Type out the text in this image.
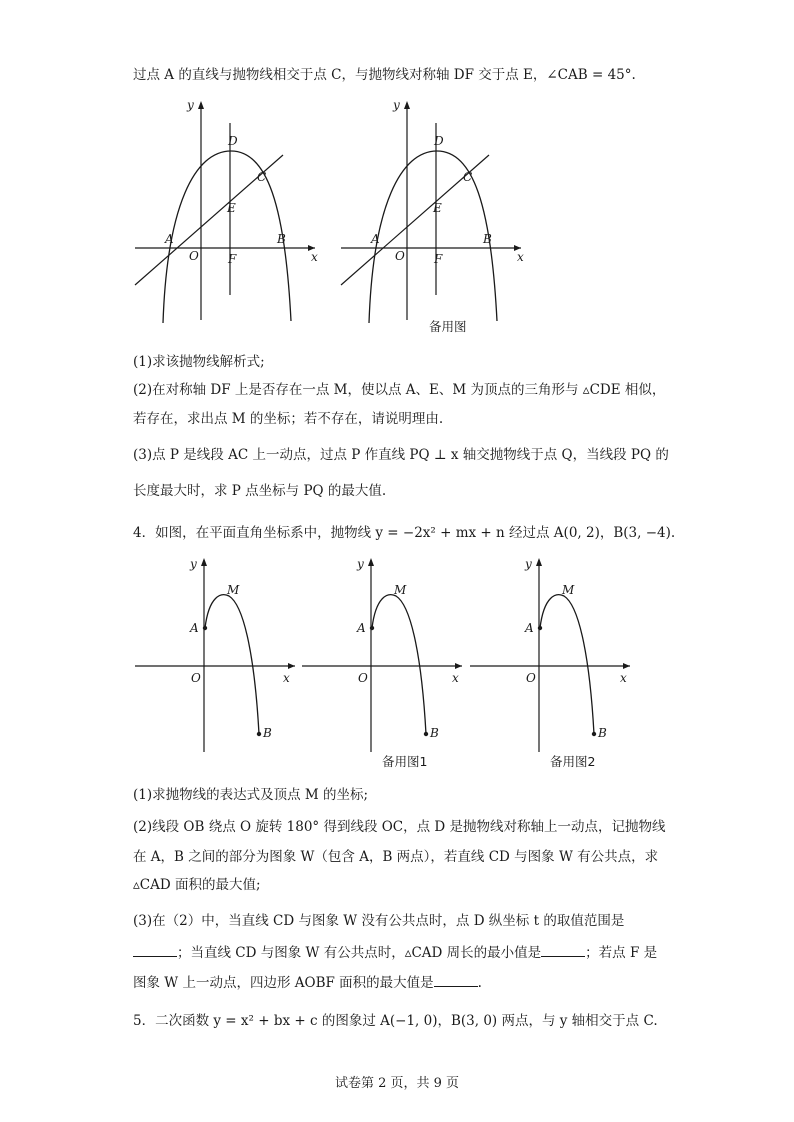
过点 A 的直线与抛物线相交于点 C，与抛物线对称轴 DF 交于点 E，∠CAB = 45°.
y
x
D
C
E
A
O F
B
y
x
D
C
E
A
O F
B
备用图
(1)求该抛物线解析式;
(2)在对称轴 DF 上是否存在一点 M，使以点 A、E、M 为顶点的三角形与 ▵CDE 相似，
若存在，求出点 M 的坐标；若不存在，请说明理由.
(3)点 P 是线段 AC 上一动点，过点 P 作直线 PQ ⊥ x 轴交抛物线于点 Q，当线段 PQ 的
长度最大时，求 P 点坐标与 PQ 的最大值.
4．如图，在平面直角坐标系中，抛物线 y = −2x² + mx + n 经过点 A(0, 2)，B(3, −4).
y
x
M
A
O
B
y
x
M
A
O
B
备用图1
y
x
M
A
O
B
备用图2
(1)求抛物线的表达式及顶点 M 的坐标;
(2)线段 OB 绕点 O 旋转 180° 得到线段 OC，点 D 是抛物线对称轴上一动点，记抛物线
在 A，B 之间的部分为图象 W（包含 A，B 两点），若直线 CD 与图象 W 有公共点，求
▵CAD 面积的最大值;
(3)在（2）中，当直线 CD 与图象 W 没有公共点时，点 D 纵坐标 t 的取值范围是
；当直线 CD 与图象 W 有公共点时，▵CAD 周长的最小值是	；若点 F 是
图象 W 上一动点，四边形 AOBF 面积的最大值是	.
5．二次函数 y = x² + bx + c 的图象过 A(−1, 0)，B(3, 0) 两点，与 y 轴相交于点 C.
试卷第 2 页，共 9 页
